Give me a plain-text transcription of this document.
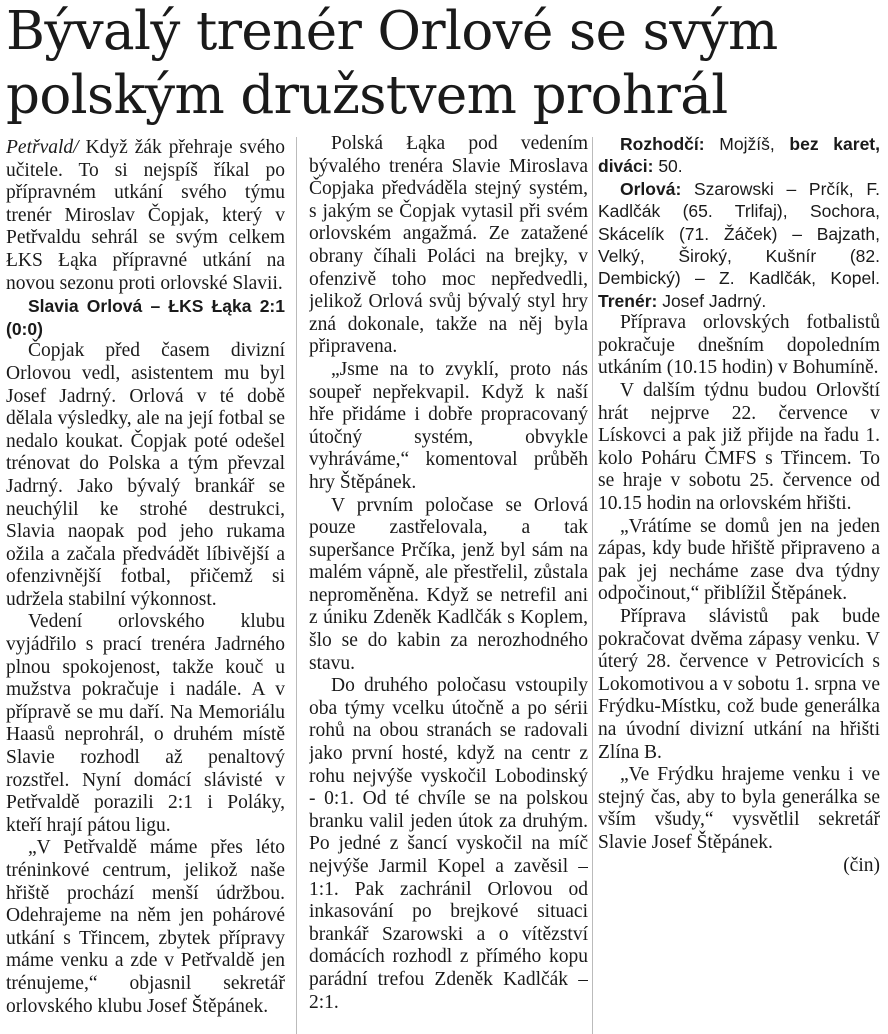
Bývalý trenér Orlové se svým
polským družstvem prohrál

Petřvald/ Když žák přehraje svého učitele. To si nejspíš říkal po přípravném utkání svého týmu trenér Miroslav Čopjak, který v Petřvaldu sehrál se svým celkem ŁKS Łąka přípravné utkání na novou sezonu proti orlovské Slavii.

Slavia Orlová – ŁKS Łąka 2:1 (0:0)

Čopjak před časem divizní Orlovou vedl, asistentem mu byl Josef Jadrný. Orlová v té době dělala výsledky, ale na její fotbal se nedalo koukat. Čopjak poté odešel trénovat do Polska a tým převzal Jadrný. Jako bývalý brankář se neuchýlil ke strohé destrukci, Slavia naopak pod jeho rukama ožila a začala předvádět líbivější a ofenzivnější fotbal, přičemž si udržela stabilní výkonnost.

Vedení orlovského klubu vyjádřilo s prací trenéra Jadrného plnou spokojenost, takže kouč u mužstva pokračuje i nadále. A v přípravě se mu daří. Na Memoriálu Haasů neprohrál, o druhém místě Slavie rozhodl až penaltový rozstřel. Nyní domácí slávisté v Petřvaldě porazili 2:1 i Poláky, kteří hrají pátou ligu.

„V Petřvaldě máme přes léto tréninkové centrum, jelikož naše hřiště prochází menší údržbou. Odehrajeme na něm jen pohárové utkání s Třincem, zbytek přípravy máme venku a zde v Petřvaldě jen trénujeme,“ objasnil sekretář orlovského klubu Josef Štěpánek.

Polská Łąka pod vedením bývalého trenéra Slavie Miroslava Čopjaka předváděla stejný systém, s jakým se Čopjak vytasil při svém orlovském angažmá. Ze zatažené obrany číhali Poláci na brejky, v ofenzivě toho moc nepředvedli, jelikož Orlová svůj bývalý styl hry zná dokonale, takže na něj byla připravena.

„Jsme na to zvyklí, proto nás soupeř nepřekvapil. Když k naší hře přidáme i dobře propracovaný útočný systém, obvykle vyhráváme,“ komentoval průběh hry Štěpánek.

V prvním poločase se Orlová pouze zastřelovala, a tak superšance Prčíka, jenž byl sám na malém vápně, ale přestřelil, zůstala neproměněna. Když se netrefil ani z úniku Zdeněk Kadlčák s Koplem, šlo se do kabin za nerozhodného stavu.

Do druhého poločasu vstoupily oba týmy vcelku útočně a po sérii rohů na obou stranách se radovali jako první hosté, když na centr z rohu nejvýše vyskočil Lobodinský - 0:1. Od té chvíle se na polskou branku valil jeden útok za druhým. Po jedné z šancí vyskočil na míč nejvýše Jarmil Kopel a zavěsil – 1:1. Pak zachránil Orlovou od inkasování po brejkové situaci brankář Szarowski a o vítězství domácích rozhodl z přímého kopu parádní trefou Zdeněk Kadlčák – 2:1.

Rozhodčí: Mojžíš, bez karet, diváci: 50.

Orlová: Szarowski – Prčík, F. Kadlčák (65. Trlifaj), Sochora, Skácelík (71. Žáček) – Bajzath, Velký, Široký, Kušnír (82. Dembický) – Z. Kadlčák, Kopel. Trenér: Josef Jadrný.

Příprava orlovských fotbalistů pokračuje dnešním dopoledním utkáním (10.15 hodin) v Bohumíně.

V dalším týdnu budou Orlovští hrát nejprve 22. července v Lískovci a pak již přijde na řadu 1. kolo Poháru ČMFS s Třincem. To se hraje v sobotu 25. července od 10.15 hodin na orlovském hřišti.

„Vrátíme se domů jen na jeden zápas, kdy bude hřiště připraveno a pak jej necháme zase dva týdny odpočinout,“ přiblížil Štěpánek.

Příprava slávistů pak bude pokračovat dvěma zápasy venku. V úterý 28. července v Petrovicích s Lokomotivou a v sobotu 1. srpna ve Frýdku-Místku, což bude generálka na úvodní divizní utkání na hřišti Zlína B.

„Ve Frýdku hrajeme venku i ve stejný čas, aby to byla generálka se vším všudy,“ vysvětlil sekretář Slavie Josef Štěpánek.

(čin)
